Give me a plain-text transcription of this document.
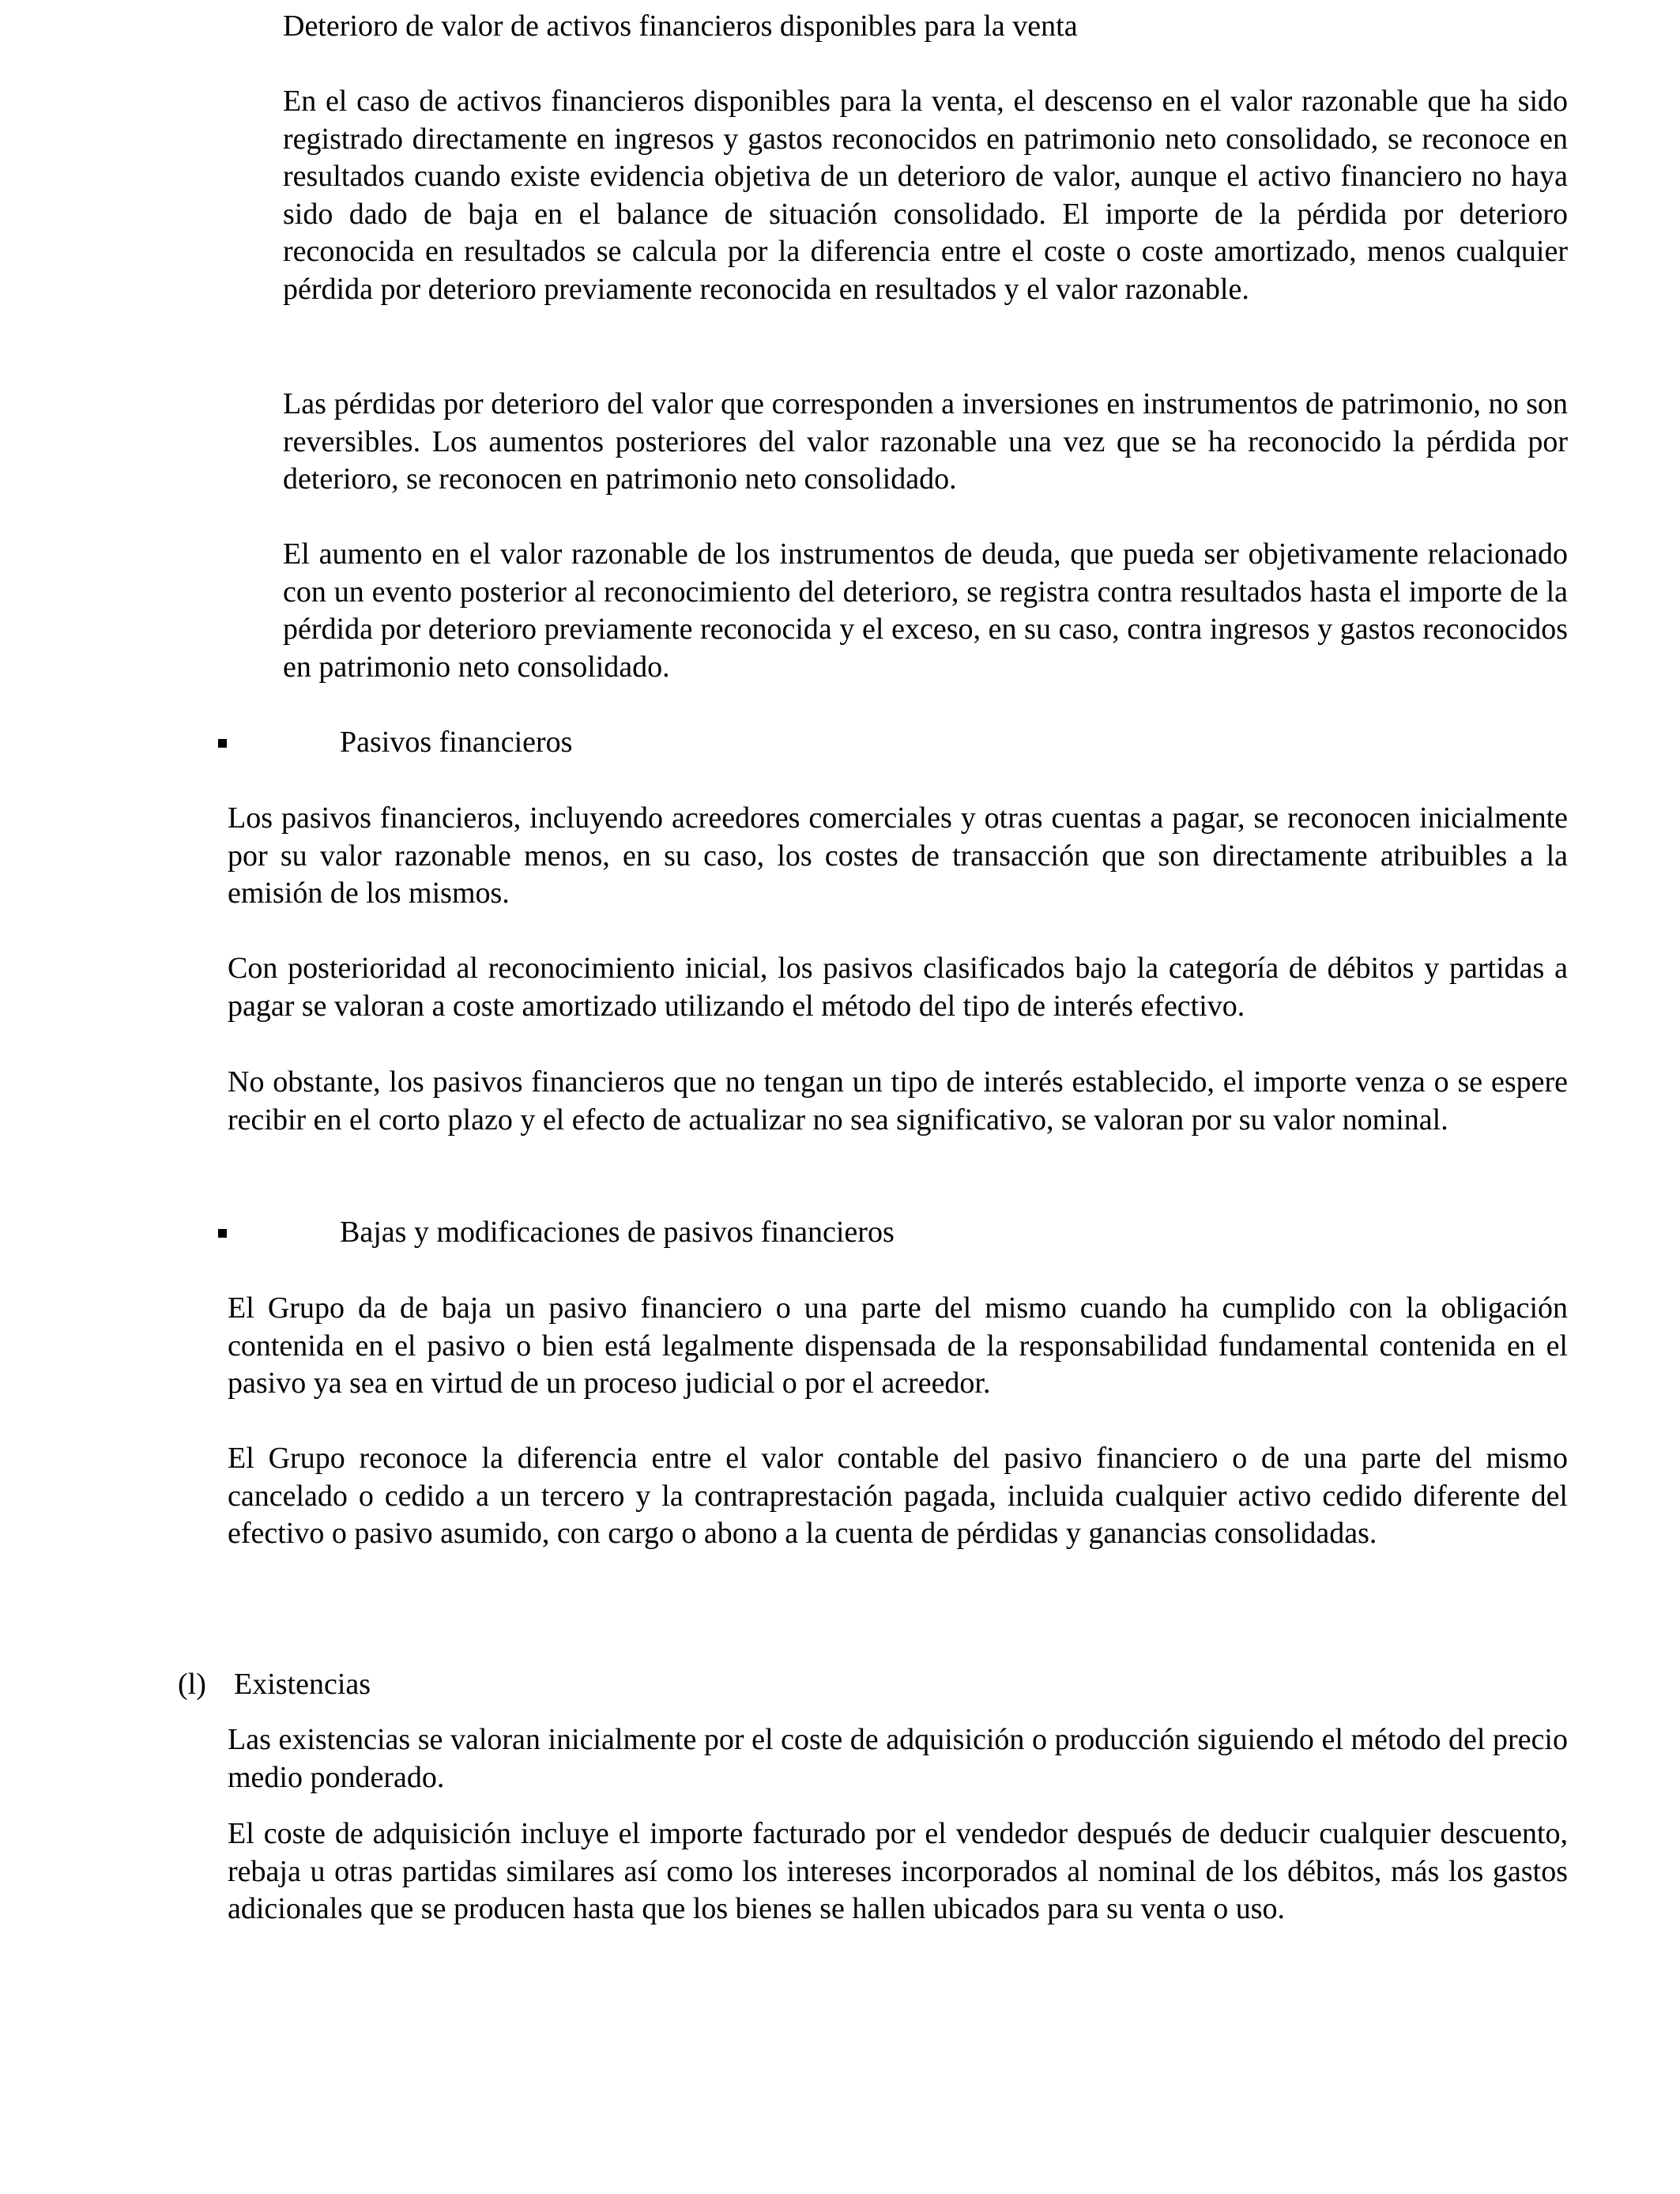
Deterioro de valor de activos financieros disponibles para la venta

En el caso de activos financieros disponibles para la venta, el descenso en el valor razonable que ha sido registrado directamente en ingresos y gastos reconocidos en patrimonio neto consolidado, se reconoce en resultados cuando existe evidencia objetiva de un deterioro de valor, aunque el activo financiero no haya sido dado de baja en el balance de situación consolidado. El importe de la pérdida por deterioro reconocida en resultados se calcula por la diferencia entre el coste o coste amortizado, menos cualquier pérdida por deterioro previamente reconocida en resultados y el valor razonable.

Las pérdidas por deterioro del valor que corresponden a inversiones en instrumentos de patrimonio, no son reversibles. Los aumentos posteriores del valor razonable una vez que se ha reconocido la pérdida por deterioro, se reconocen en patrimonio neto consolidado.

El aumento en el valor razonable de los instrumentos de deuda, que pueda ser objetivamente relacionado con un evento posterior al reconocimiento del deterioro, se registra contra resultados hasta el importe de la pérdida por deterioro previamente reconocida y el exceso, en su caso, contra ingresos y gastos reconocidos en patrimonio neto consolidado.

Pasivos financieros

Los pasivos financieros, incluyendo acreedores comerciales y otras cuentas a pagar, se reconocen inicialmente por su valor razonable menos, en su caso, los costes de transacción que son directamente atribuibles a la emisión de los mismos.

Con posterioridad al reconocimiento inicial, los pasivos clasificados bajo la categoría de débitos y partidas a pagar se valoran a coste amortizado utilizando el método del tipo de interés efectivo.

No obstante, los pasivos financieros que no tengan un tipo de interés establecido, el importe venza o se espere recibir en el corto plazo y el efecto de actualizar no sea significativo, se valoran por su valor nominal.

Bajas y modificaciones de pasivos financieros

El Grupo da de baja un pasivo financiero o una parte del mismo cuando ha cumplido con la obligación contenida en el pasivo o bien está legalmente dispensada de la responsabilidad fundamental contenida en el pasivo ya sea en virtud de un proceso judicial o por el acreedor.

El Grupo reconoce la diferencia entre el valor contable del pasivo financiero o de una parte del mismo cancelado o cedido a un tercero y la contraprestación pagada, incluida cualquier activo cedido diferente del efectivo o pasivo asumido, con cargo o abono a la cuenta de pérdidas y ganancias consolidadas.

(l) Existencias

Las existencias se valoran inicialmente por el coste de adquisición o producción siguiendo el método del precio medio ponderado.

El coste de adquisición incluye el importe facturado por el vendedor después de deducir cualquier descuento, rebaja u otras partidas similares así como los intereses incorporados al nominal de los débitos, más los gastos adicionales que se producen hasta que los bienes se hallen ubicados para su venta o uso.
